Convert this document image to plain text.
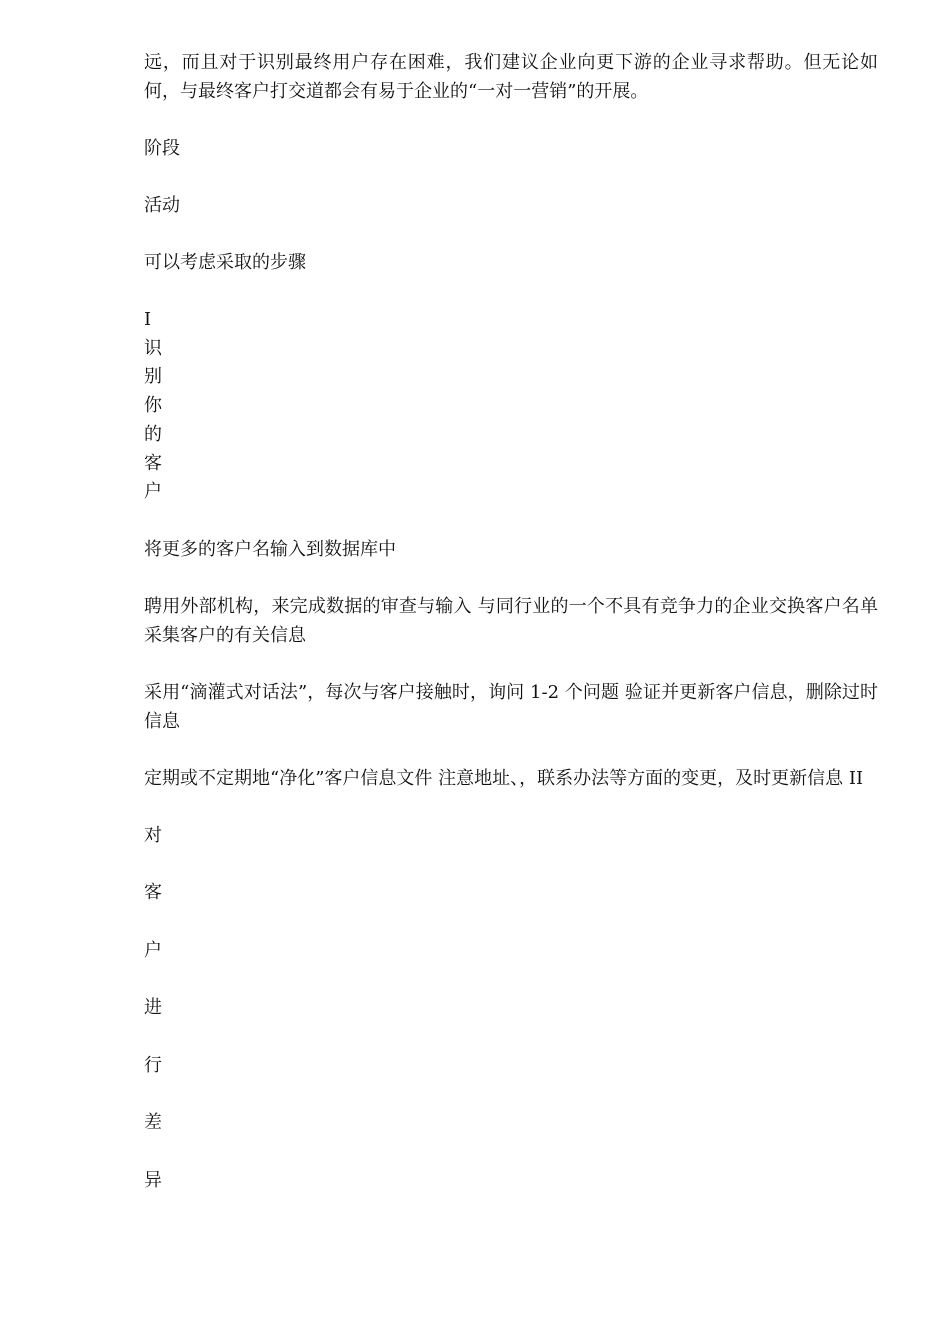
远，而且对于识别最终用户存在困难，我们建议企业向更下游的企业寻求帮助。但无论如何，与最终客户打交道都会有易于企业的“一对一营销”的开展。

阶段

活动

可以考虑采取的步骤

I
识
别
你
的
客
户

将更多的客户名输入到数据库中

聘用外部机构，来完成数据的审查与输入 与同行业的一个不具有竞争力的企业交换客户名单 采集客户的有关信息

采用“滴灌式对话法”，每次与客户接触时，询问 1-2 个问题 验证并更新客户信息，删除过时信息

定期或不定期地“净化”客户信息文件 注意地址、，联系办法等方面的变更，及时更新信息 II

对
客
户
进
行
差
异
